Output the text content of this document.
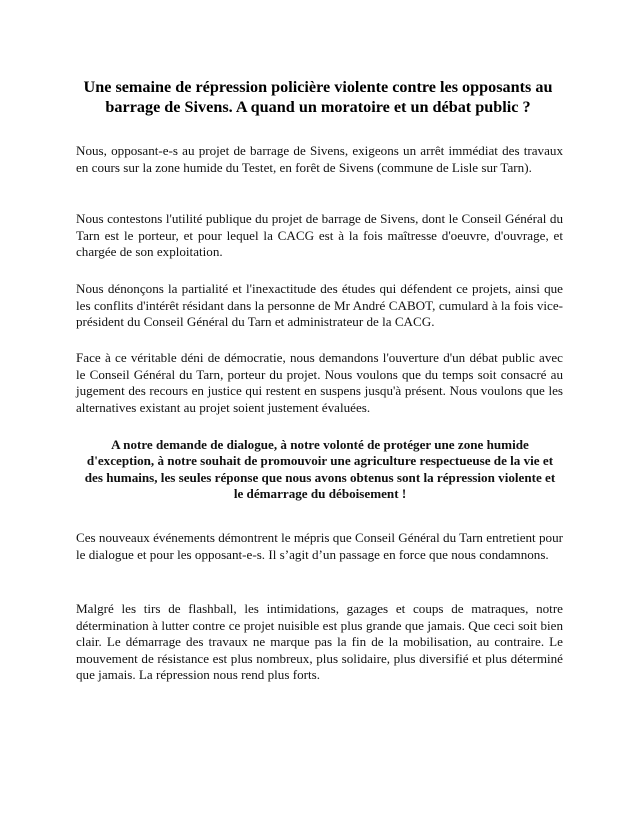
Une semaine de répression policière violente contre les opposants au barrage de Sivens. A quand un moratoire et un débat public ?

Nous, opposant-e-s au projet de barrage de Sivens, exigeons un arrêt immédiat des travaux en cours sur la zone humide du Testet, en forêt de Sivens (commune de Lisle sur Tarn).

Nous contestons l'utilité publique du projet de barrage de Sivens, dont le Conseil Général du Tarn est le porteur, et pour lequel la CACG est à la fois maîtresse d'oeuvre, d'ouvrage, et chargée de son exploitation.

Nous dénonçons la partialité et l'inexactitude des études qui défendent ce projets, ainsi que les conflits d'intérêt résidant dans la personne de Mr André CABOT, cumulard à la fois vice-président du Conseil Général du Tarn et administrateur de la CACG.

Face à ce véritable déni de démocratie, nous demandons l'ouverture d'un débat public avec le Conseil Général du Tarn, porteur du projet. Nous voulons que du temps soit consacré au jugement des recours en justice qui restent en suspens jusqu'à présent. Nous voulons que les alternatives existant au projet soient justement évaluées.

A notre demande de dialogue, à notre volonté de protéger une zone humide d'exception, à notre souhait de promouvoir une agriculture respectueuse de la vie et des humains, les seules réponse que nous avons obtenus sont la répression violente et le démarrage du déboisement !

Ces nouveaux événements démontrent le mépris que Conseil Général du Tarn entretient pour le dialogue et pour les opposant-e-s. Il s’agit d’un passage en force que nous condamnons.

Malgré les tirs de flashball, les intimidations, gazages et coups de matraques, notre détermination à lutter contre ce projet nuisible est plus grande que jamais. Que ceci soit bien clair. Le démarrage des travaux ne marque pas la fin de la mobilisation, au contraire. Le mouvement de résistance est plus nombreux, plus solidaire, plus diversifié et plus déterminé que jamais. La répression nous rend plus forts.
